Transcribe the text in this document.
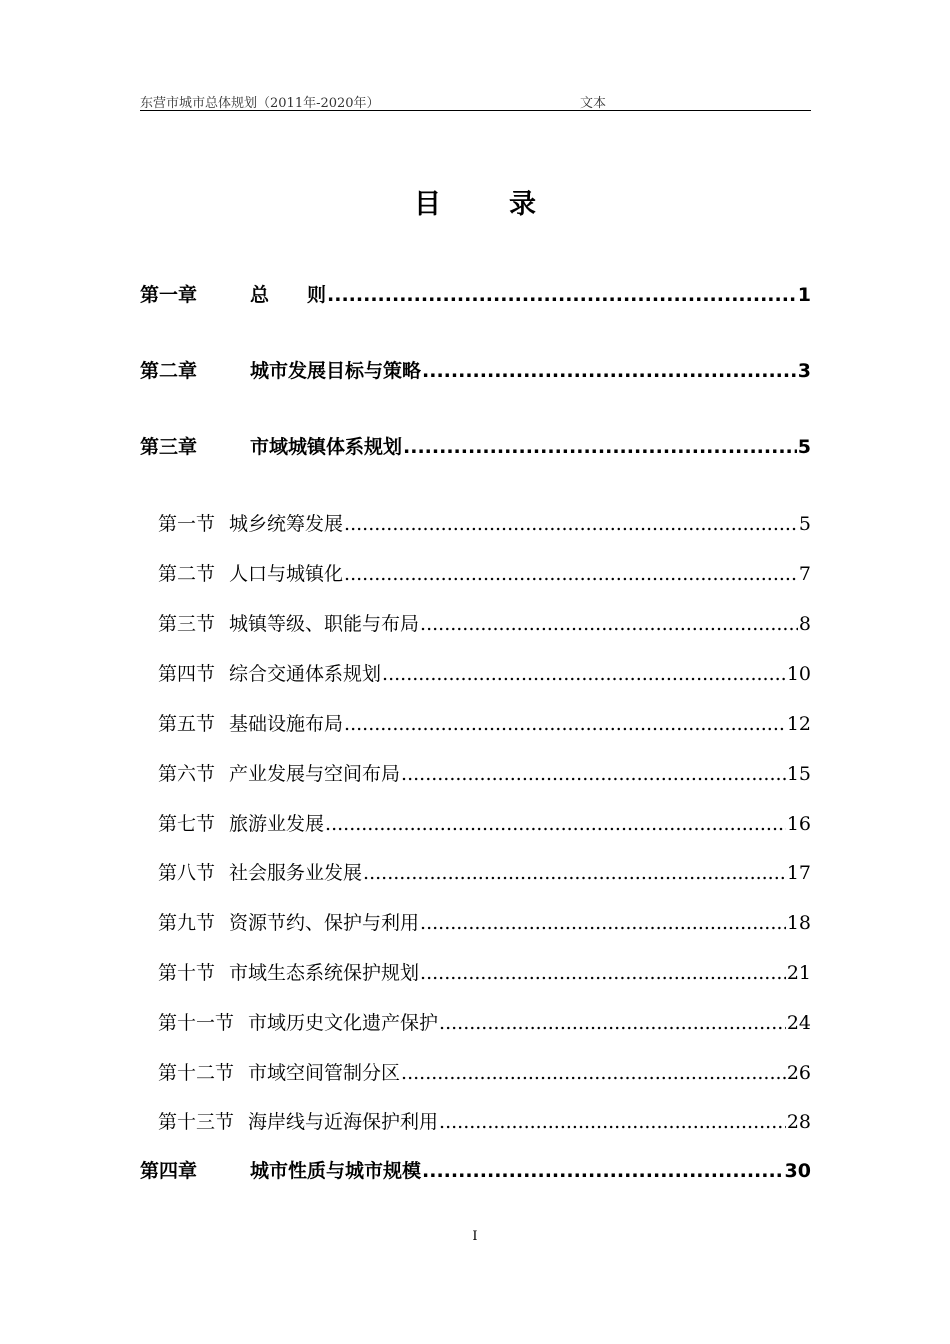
东营市城市总体规划（2011年-2020年）	文本
目	录
第一章	总　　则 .....	1
第二章	城市发展目标与策略 .....	3
第三章	市域城镇体系规划 .....	5
第一节 城乡统筹发展 .....	5
第二节 人口与城镇化 .....	7
第三节 城镇等级、职能与布局 .....	8
第四节 综合交通体系规划 .....	10
第五节 基础设施布局 .....	12
第六节 产业发展与空间布局 .....	15
第七节 旅游业发展 .....	16
第八节 社会服务业发展 .....	17
第九节 资源节约、保护与利用 .....	18
第十节 市域生态系统保护规划 .....	21
第十一节 市域历史文化遗产保护 .....	24
第十二节 市域空间管制分区 .....	26
第十三节 海岸线与近海保护利用 .....	28
第四章	城市性质与城市规模 .....	30
I
